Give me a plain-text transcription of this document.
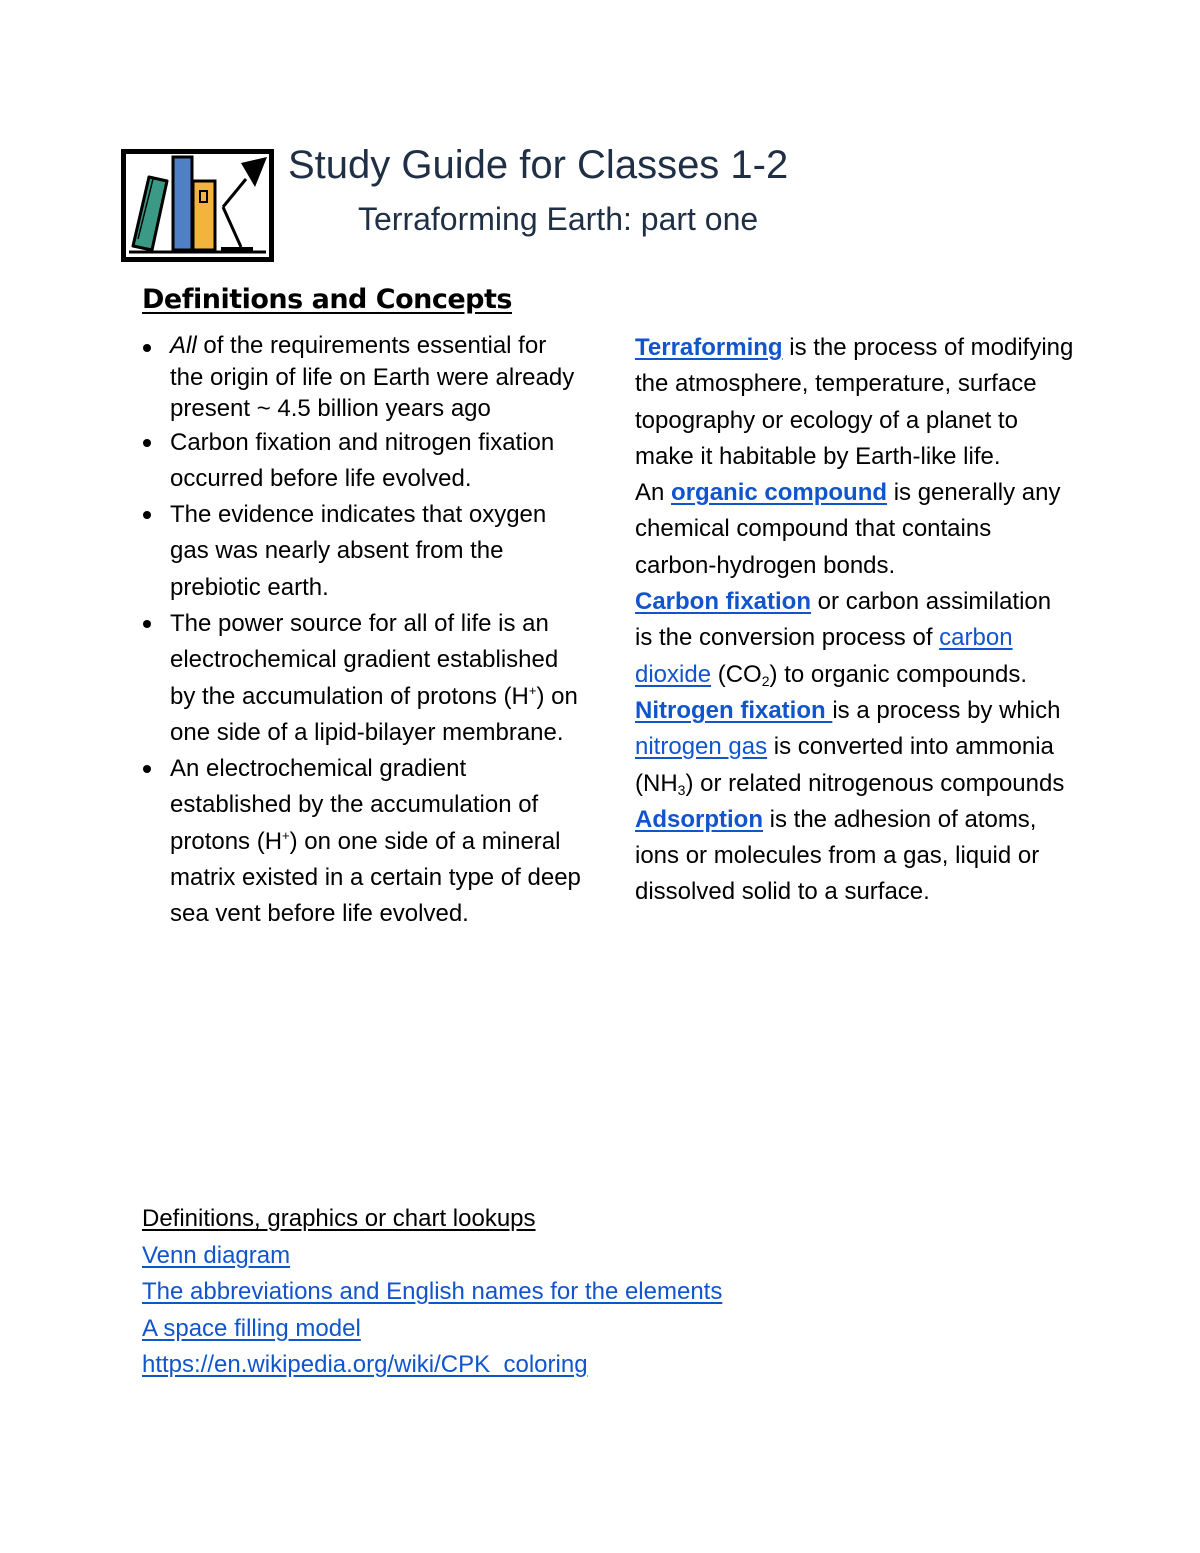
Study Guide for Classes 1-2
Terraforming Earth: part one
Definitions and Concepts
All of the requirements essential for the origin of life on Earth were already present ~ 4.5 billion years ago
Carbon fixation and nitrogen fixation occurred before life evolved.
The evidence indicates that oxygen gas was nearly absent from the prebiotic earth.
The power source for all of life is an electrochemical gradient established by the accumulation of protons (H+) on one side of a lipid-bilayer membrane.
An electrochemical gradient established by the accumulation of protons (H+) on one side of a mineral matrix existed in a certain type of deep sea vent before life evolved.

Terraforming is the process of modifying the atmosphere, temperature, surface topography or ecology of a planet to make it habitable by Earth-like life.

An organic compound is generally any chemical compound that contains carbon-hydrogen bonds.

Carbon fixation or carbon assimilation is the conversion process of carbon dioxide $(CO_2)$ to organic compounds.

Nitrogen fixation is a process by which nitrogen gas is converted into ammonia $(NH_3)$ or related nitrogenous compounds

Adsorption is the adhesion of atoms, ions or molecules from a gas, liquid or dissolved solid to a surface.

Definitions, graphics or chart lookups
Venn diagram
The abbreviations and English names for the elements
A space filling model
https://en.wikipedia.org/wiki/CPK_coloring
